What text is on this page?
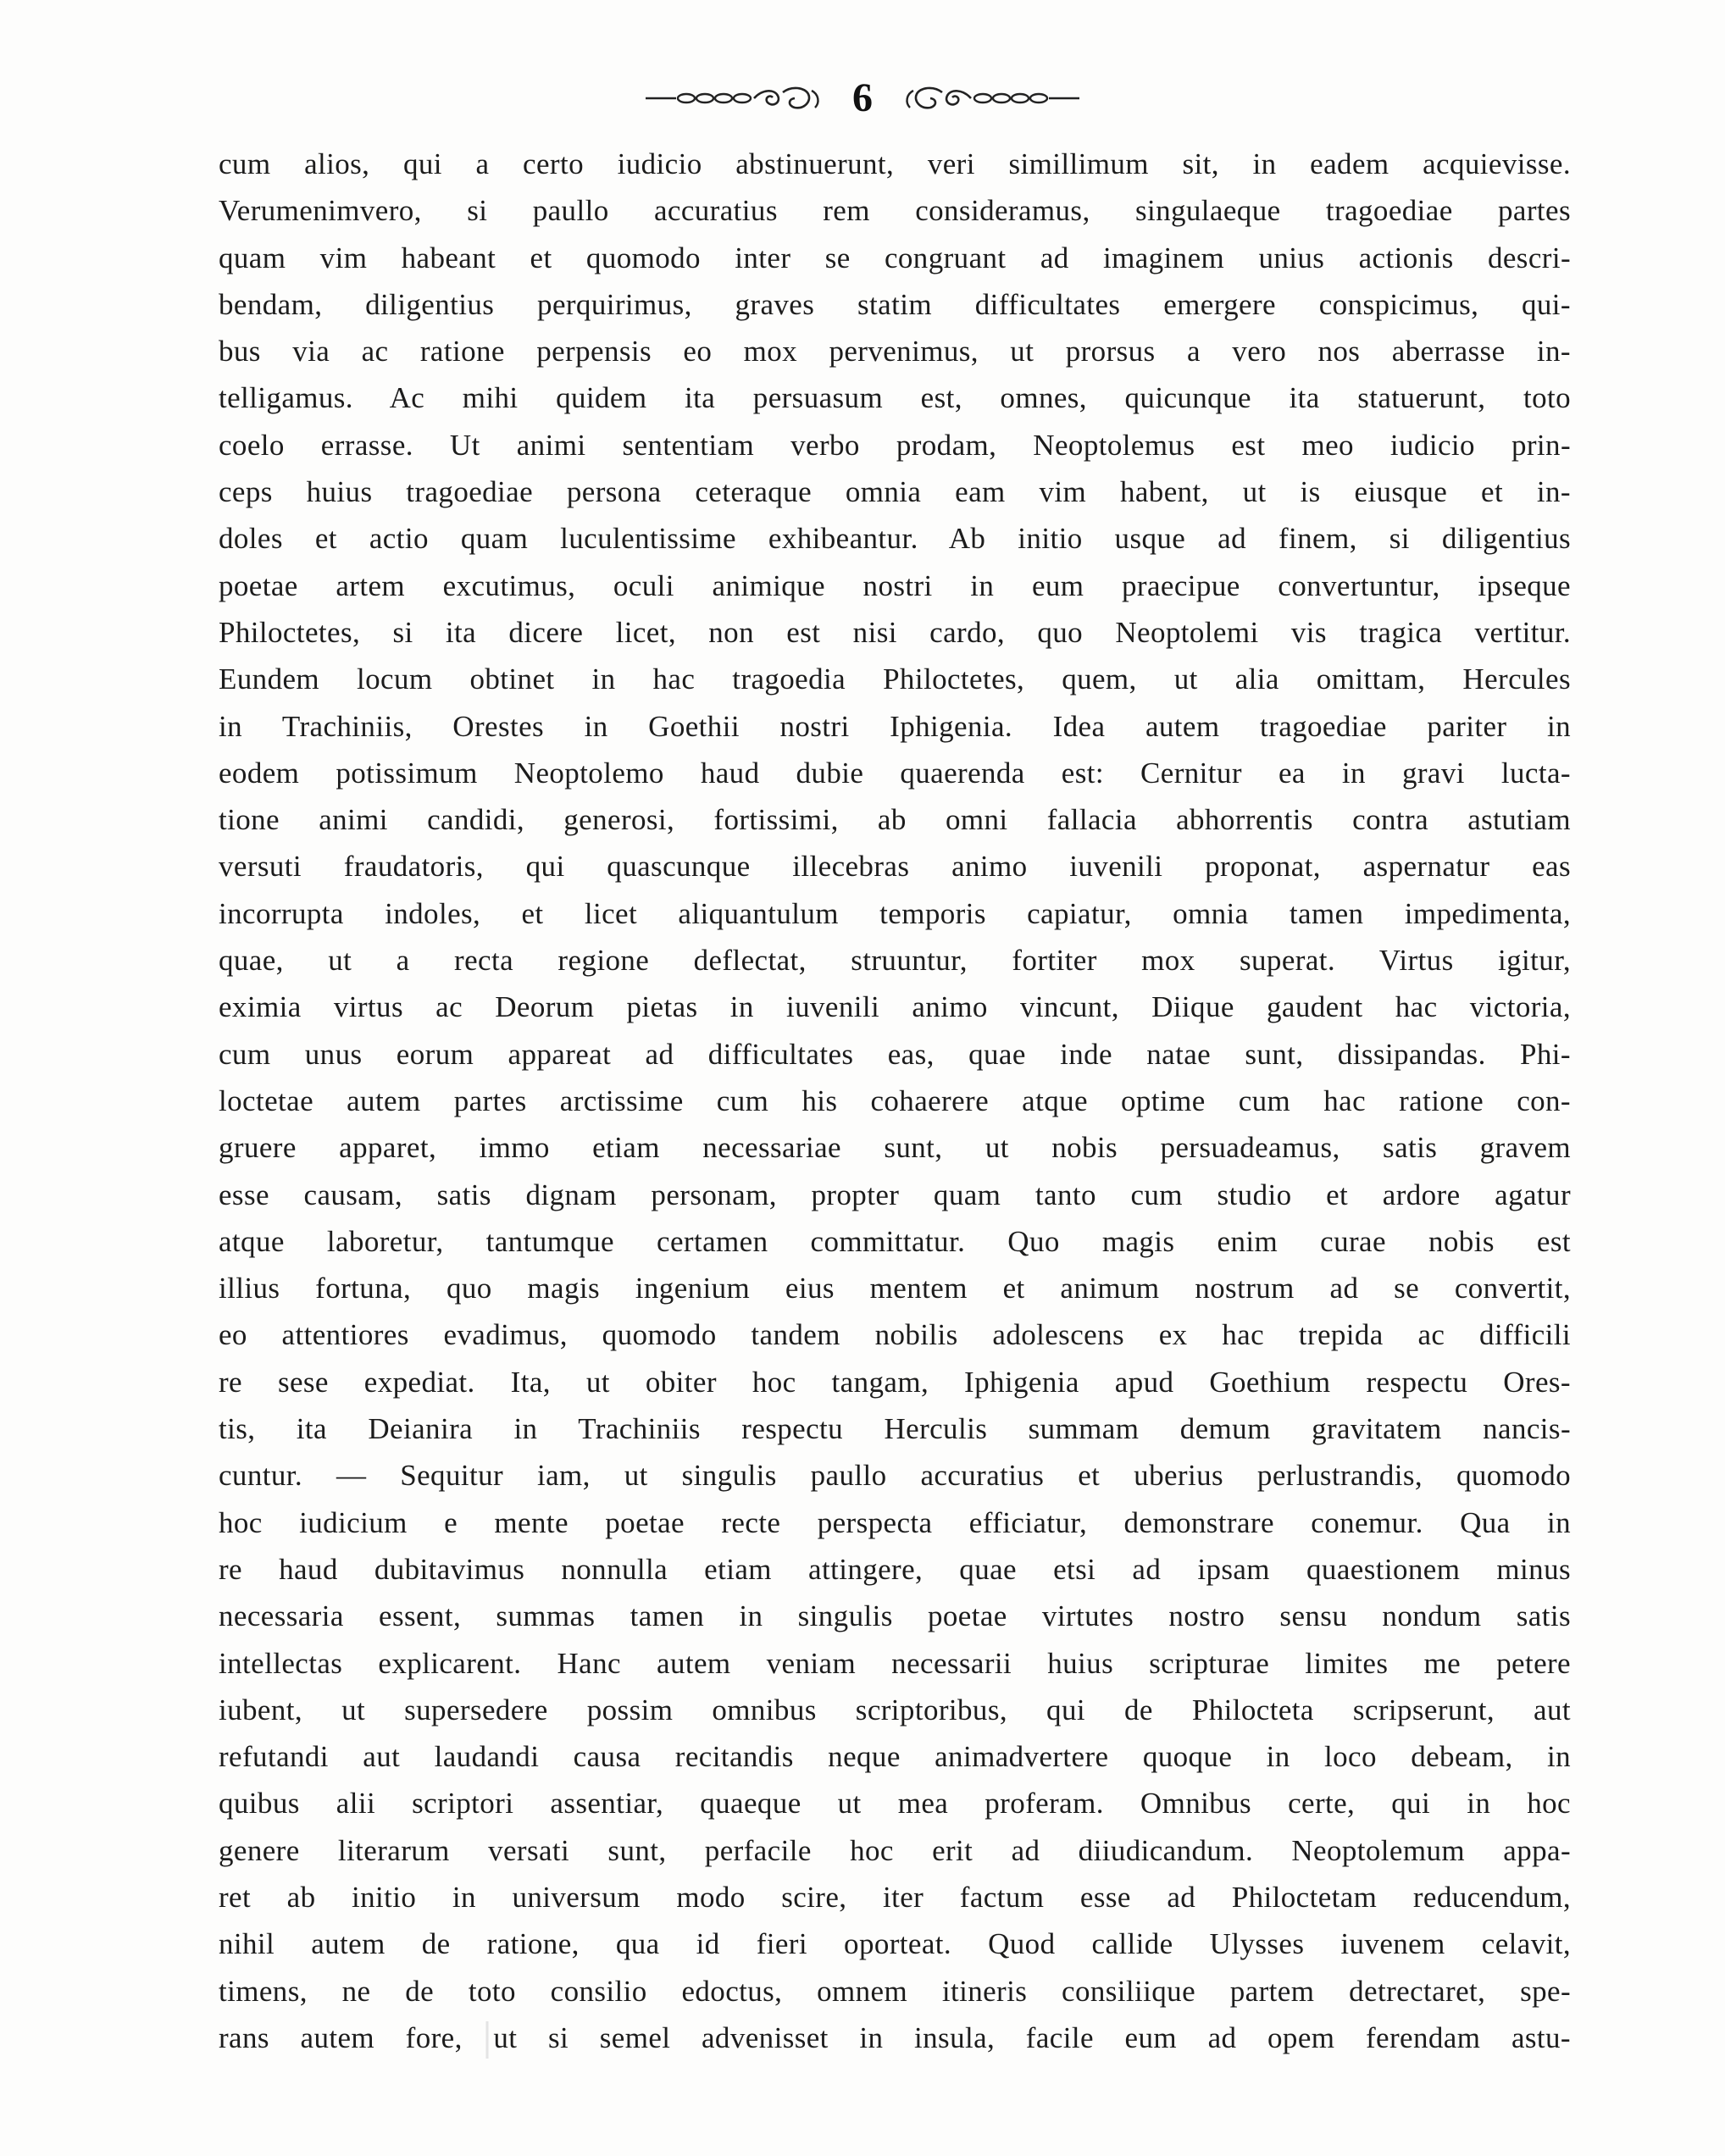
6
cum alios, qui a certo iudicio abstinuerunt, veri simillimum sit, in eadem acquievisse.
Verumenimvero, si paullo accuratius rem consideramus, singulaeque tragoediae partes
quam vim habeant et quomodo inter se congruant ad imaginem unius actionis descri-
bendam, diligentius perquirimus, graves statim difficultates emergere conspicimus, qui-
bus via ac ratione perpensis eo mox pervenimus, ut prorsus a vero nos aberrasse in-
telligamus. Ac mihi quidem ita persuasum est, omnes, quicunque ita statuerunt, toto
coelo errasse. Ut animi sententiam verbo prodam, Neoptolemus est meo iudicio prin-
ceps huius tragoediae persona ceteraque omnia eam vim habent, ut is eiusque et in-
doles et actio quam luculentissime exhibeantur. Ab initio usque ad finem, si diligentius
poetae artem excutimus, oculi animique nostri in eum praecipue convertuntur, ipseque
Philoctetes, si ita dicere licet, non est nisi cardo, quo Neoptolemi vis tragica vertitur.
Eundem locum obtinet in hac tragoedia Philoctetes, quem, ut alia omittam, Hercules
in Trachiniis, Orestes in Goethii nostri Iphigenia. Idea autem tragoediae pariter in
eodem potissimum Neoptolemo haud dubie quaerenda est: Cernitur ea in gravi lucta-
tione animi candidi, generosi, fortissimi, ab omni fallacia abhorrentis contra astutiam
versuti fraudatoris, qui quascunque illecebras animo iuvenili proponat, aspernatur eas
incorrupta indoles, et licet aliquantulum temporis capiatur, omnia tamen impedimenta,
quae, ut a recta regione deflectat, struuntur, fortiter mox superat. Virtus igitur,
eximia virtus ac Deorum pietas in iuvenili animo vincunt, Diique gaudent hac victoria,
cum unus eorum appareat ad difficultates eas, quae inde natae sunt, dissipandas. Phi-
loctetae autem partes arctissime cum his cohaerere atque optime cum hac ratione con-
gruere apparet, immo etiam necessariae sunt, ut nobis persuadeamus, satis gravem
esse causam, satis dignam personam, propter quam tanto cum studio et ardore agatur
atque laboretur, tantumque certamen committatur. Quo magis enim curae nobis est
illius fortuna, quo magis ingenium eius mentem et animum nostrum ad se convertit,
eo attentiores evadimus, quomodo tandem nobilis adolescens ex hac trepida ac difficili
re sese expediat. Ita, ut obiter hoc tangam, Iphigenia apud Goethium respectu Ores-
tis, ita Deianira in Trachiniis respectu Herculis summam demum gravitatem nancis-
cuntur. — Sequitur iam, ut singulis paullo accuratius et uberius perlustrandis, quomodo
hoc iudicium e mente poetae recte perspecta efficiatur, demonstrare conemur. Qua in
re haud dubitavimus nonnulla etiam attingere, quae etsi ad ipsam quaestionem minus
necessaria essent, summas tamen in singulis poetae virtutes nostro sensu nondum satis
intellectas explicarent. Hanc autem veniam necessarii huius scripturae limites me petere
iubent, ut supersedere possim omnibus scriptoribus, qui de Philocteta scripserunt, aut
refutandi aut laudandi causa recitandis neque animadvertere quoque in loco debeam, in
quibus alii scriptori assentiar, quaeque ut mea proferam. Omnibus certe, qui in hoc
genere literarum versati sunt, perfacile hoc erit ad diiudicandum. Neoptolemum appa-
ret ab initio in universum modo scire, iter factum esse ad Philoctetam reducendum,
nihil autem de ratione, qua id fieri oporteat. Quod callide Ulysses iuvenem celavit,
timens, ne de toto consilio edoctus, omnem itineris consiliique partem detrectaret, spe-
rans autem fore, ut si semel advenisset in insula, facile eum ad opem ferendam astu-
